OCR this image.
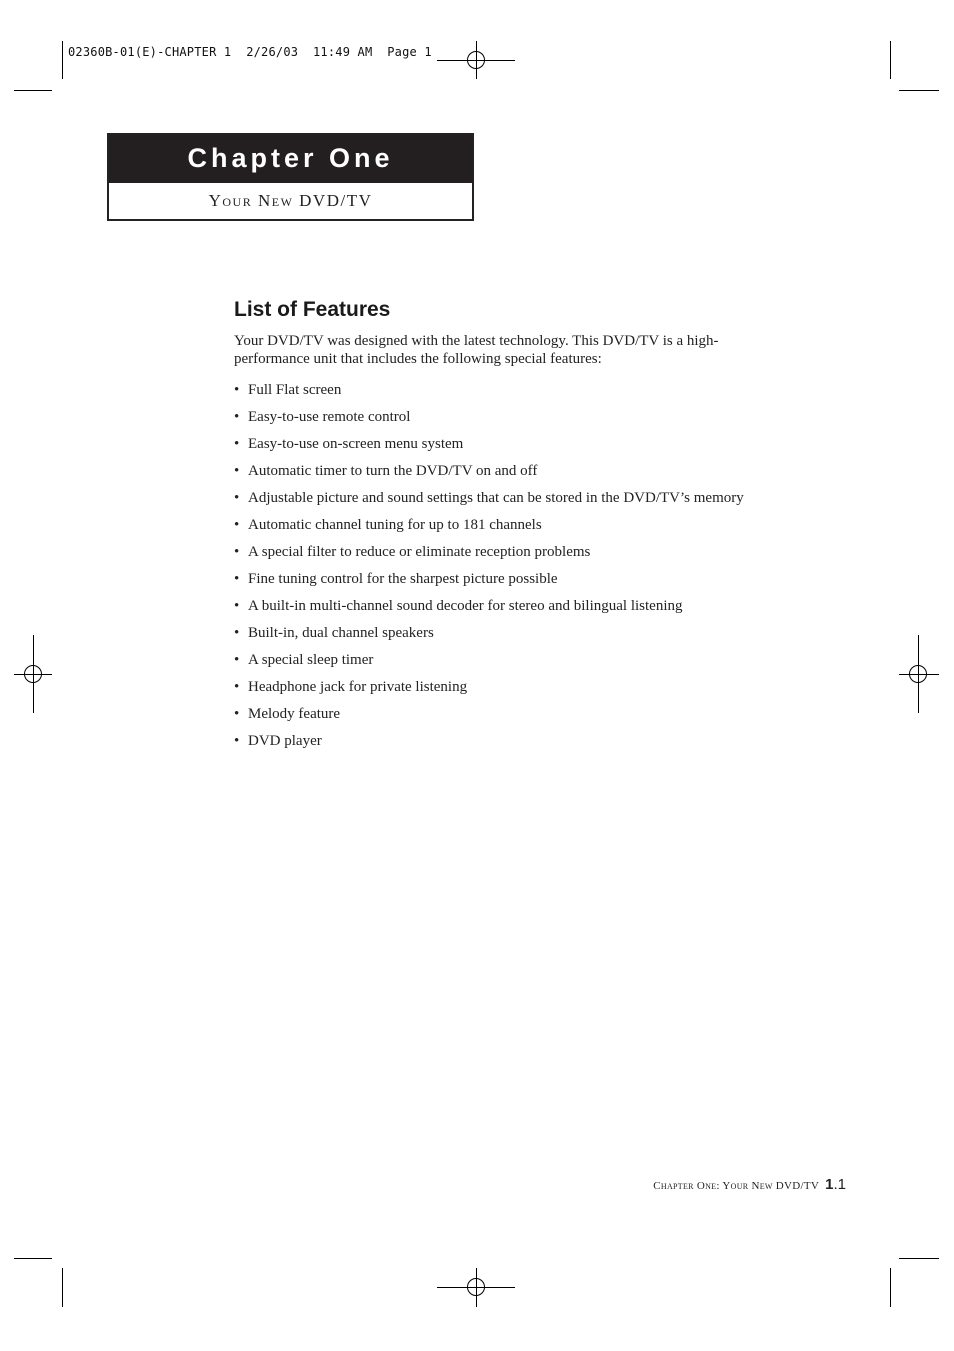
02360B-01(E)-CHAPTER 1  2/26/03  11:49 AM  Page 1
Chapter One
Your New DVD/TV
List of Features

Your DVD/TV was designed with the latest technology. This DVD/TV is a high-performance unit that includes the following special features:

• Full Flat screen
• Easy-to-use remote control
• Easy-to-use on-screen menu system
• Automatic timer to turn the DVD/TV on and off
• Adjustable picture and sound settings that can be stored in the DVD/TV’s memory
• Automatic channel tuning for up to 181 channels
• A special filter to reduce or eliminate reception problems
• Fine tuning control for the sharpest picture possible
• A built-in multi-channel sound decoder for stereo and bilingual listening
• Built-in, dual channel speakers
• A special sleep timer
• Headphone jack for private listening
• Melody feature
• DVD player
Chapter One: Your New DVD/TV 1.1
